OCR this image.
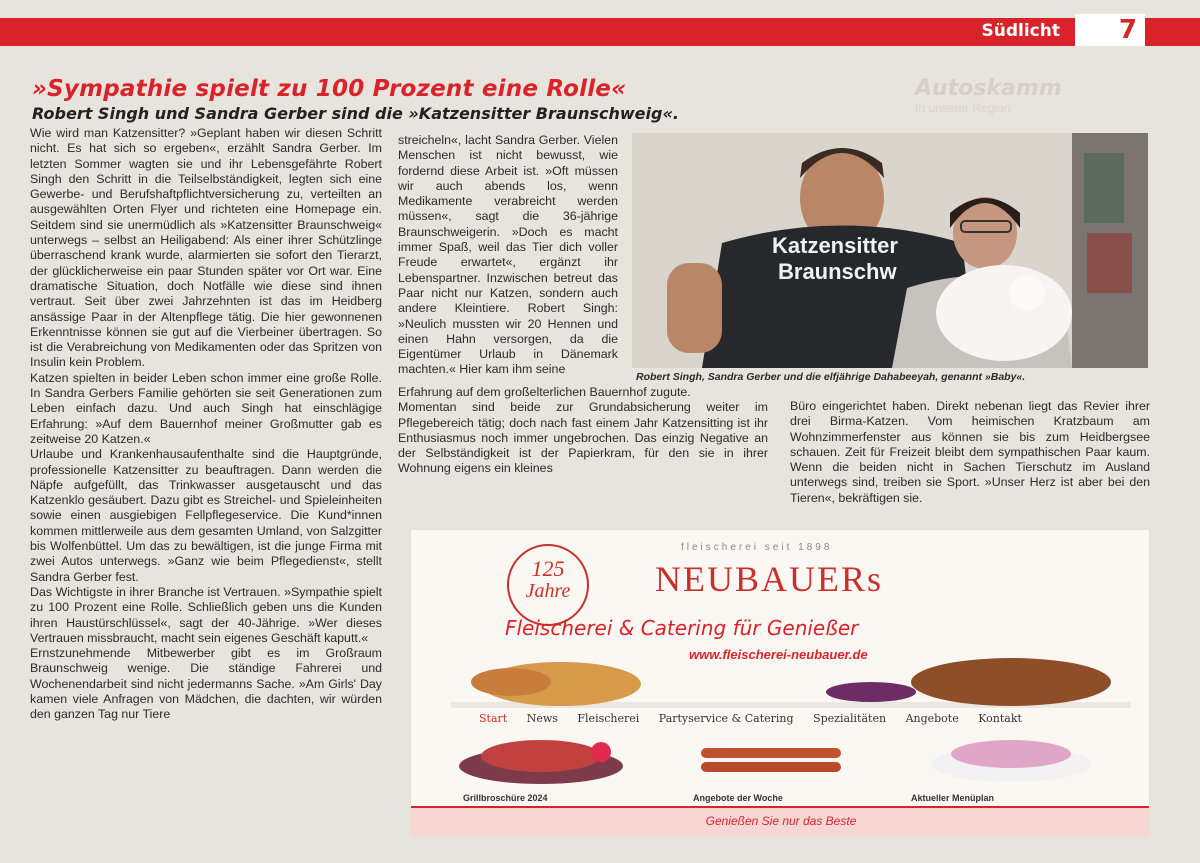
Südlicht	7
Autoskamm
In unserer Region
»Sympathie spielt zu 100 Prozent eine Rolle«
Robert Singh und Sandra Gerber sind die »Katzensitter Braunschweig«.

Wie wird man Katzensitter? »Geplant haben wir diesen Schritt nicht. Es hat sich so ergeben«, erzählt Sandra Gerber. Im letzten Sommer wagten sie und ihr Lebensgefährte Robert Singh den Schritt in die Teilselbständigkeit, legten sich eine Gewerbe- und Berufshaftpflichtversicherung zu, verteilten an ausgewählten Orten Flyer und richteten eine Homepage ein. Seitdem sind sie unermüdlich als »Katzensitter Braunschweig« unterwegs – selbst an Heiligabend: Als einer ihrer Schützlinge überraschend krank wurde, alarmierten sie sofort den Tierarzt, der glücklicherweise ein paar Stunden später vor Ort war. Eine dramatische Situation, doch Notfälle wie diese sind ihnen vertraut. Seit über zwei Jahrzehnten ist das im Heidberg ansässige Paar in der Altenpflege tätig. Die hier gewonnenen Erkenntnisse können sie gut auf die Vierbeiner übertragen. So ist die Verabreichung von Medikamenten oder das Spritzen von Insulin kein Problem.

Katzen spielten in beider Leben schon immer eine große Rolle. In Sandra Gerbers Familie gehörten sie seit Generationen zum Leben einfach dazu. Und auch Singh hat einschlägige Erfahrung: »Auf dem Bauernhof meiner Großmutter gab es zeitweise 20 Katzen.«

Urlaube und Krankenhausaufenthalte sind die Hauptgründe, professionelle Katzensitter zu beauftragen. Dann werden die Näpfe aufgefüllt, das Trinkwasser ausgetauscht und das Katzenklo gesäubert. Dazu gibt es Streichel- und Spieleinheiten sowie einen ausgiebigen Fellpflegeservice. Die Kund*innen kommen mittlerweile aus dem gesamten Umland, von Salzgitter bis Wolfenbüttel. Um das zu bewältigen, ist die junge Firma mit zwei Autos unterwegs. »Ganz wie beim Pflegedienst«, stellt Sandra Gerber fest.

Das Wichtigste in ihrer Branche ist Vertrauen. »Sympathie spielt zu 100 Prozent eine Rolle. Schließlich geben uns die Kunden ihren Haustürschlüssel«, sagt der 40-Jährige. »Wer dieses Vertrauen missbraucht, macht sein eigenes Geschäft kaputt.«

Ernstzunehmende Mitbewerber gibt es im Großraum Braunschweig wenige. Die ständige Fahrerei und Wochenendarbeit sind nicht jedermanns Sache. »Am Girls' Day kamen viele Anfragen von Mädchen, die dachten, wir würden den ganzen Tag nur Tiere

streicheln«, lacht Sandra Gerber. Vielen Menschen ist nicht bewusst, wie fordernd diese Arbeit ist. »Oft müssen wir auch abends los, wenn Medikamente verabreicht werden müssen«, sagt die 36-jährige Braunschweigerin. »Doch es macht immer Spaß, weil das Tier dich voller Freude erwartet«, ergänzt ihr Lebenspartner. Inzwischen betreut das Paar nicht nur Katzen, sondern auch andere Kleintiere. Robert Singh: »Neulich mussten wir 20 Hennen und einen Hahn versorgen, da die Eigentümer Urlaub in Dänemark machten.« Hier kam ihm seine

Katzensitter
Braunschw
Robert Singh, Sandra Gerber und die elfjährige Dahabeeyah, genannt »Baby«.

Erfahrung auf dem großelterlichen Bauernhof zugute.

Momentan sind beide zur Grundabsicherung weiter im Pflegebereich tätig; doch nach fast einem Jahr Katzensitting ist ihr Enthusiasmus noch immer ungebrochen. Das einzig Negative an der Selbständigkeit ist der Papierkram, für den sie in ihrer Wohnung eigens ein kleines

Büro eingerichtet haben. Direkt nebenan liegt das Revier ihrer drei Birma-Katzen. Vom heimischen Kratzbaum am Wohnzimmerfenster aus können sie bis zum Heidbergsee schauen. Zeit für Freizeit bleibt dem sympathischen Paar kaum. Wenn die beiden nicht in Sachen Tierschutz im Ausland unterwegs sind, treiben sie Sport. »Unser Herz ist aber bei den Tieren«, bekräftigen sie.

125
Jahre
fleischerei seit 1898
NEUBAUERs
Fleischerei & Catering für Genießer
www.fleischerei-neubauer.de
Start News Fleischerei Partyservice & Catering Spezialitäten Angebote Kontakt
Grillbroschüre 2024	Angebote der Woche	Aktueller Menüplan
Genießen Sie nur das Beste
